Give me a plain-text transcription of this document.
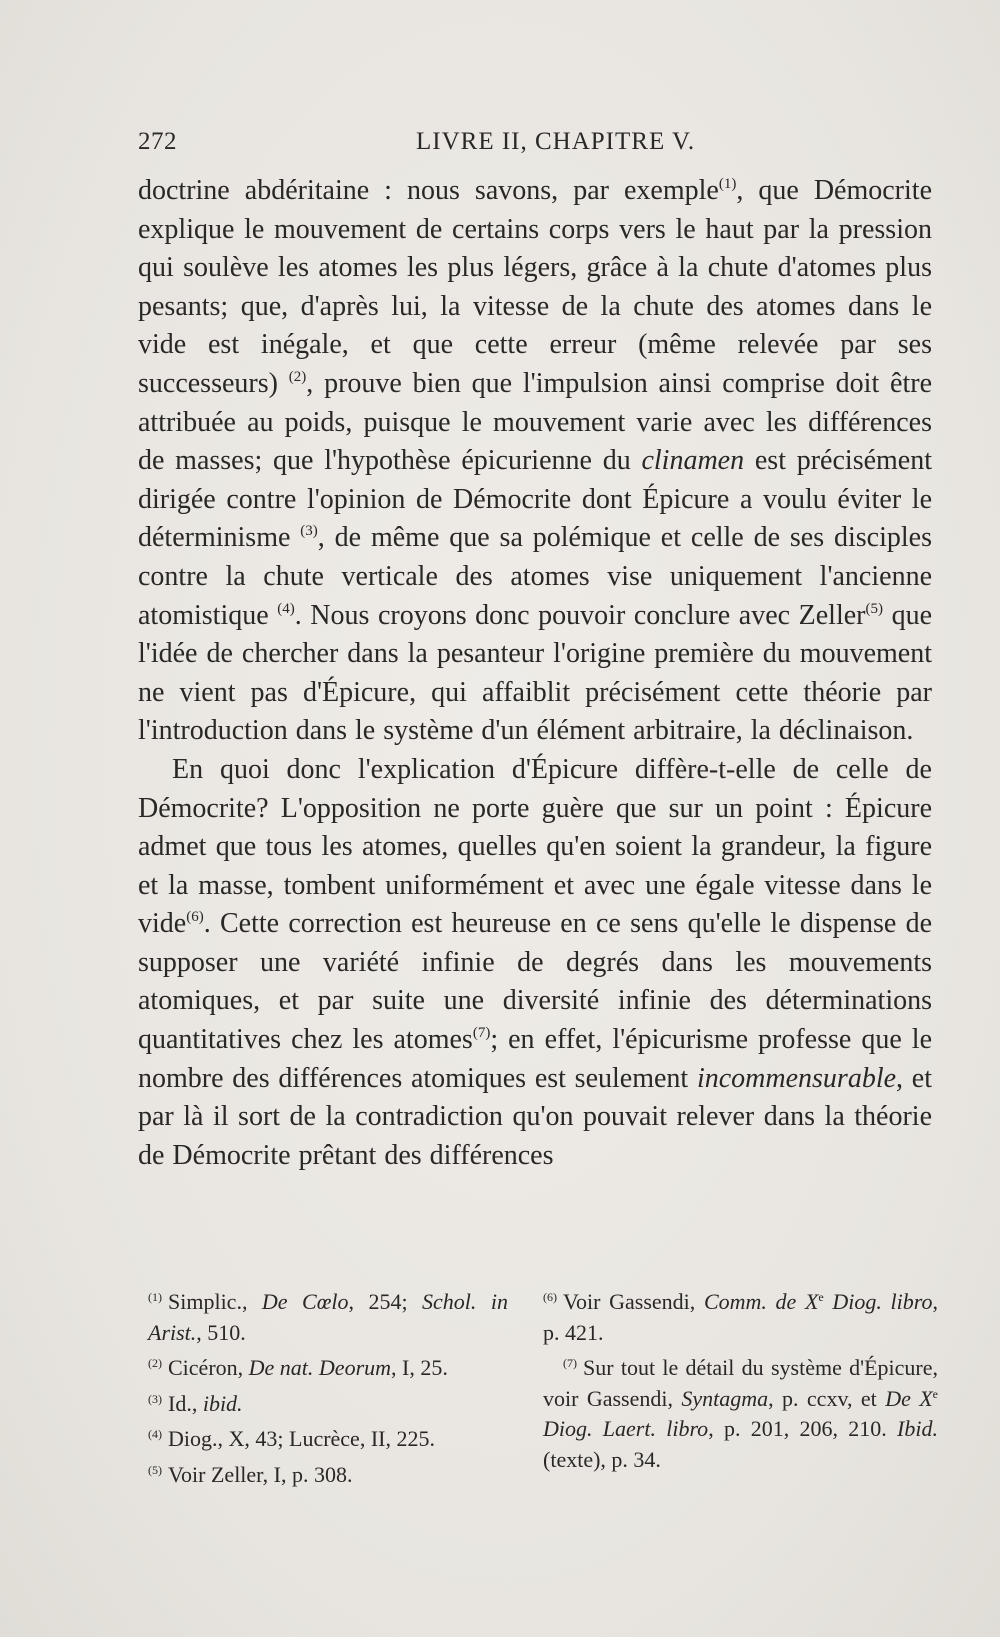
272	LIVRE II, CHAPITRE V.

doctrine abdéritaine : nous savons, par exemple$^{(1)}$, que Démocrite explique le mouvement de certains corps vers le haut par la pression qui soulève les atomes les plus légers, grâce à la chute d'atomes plus pesants; que, d'après lui, la vitesse de la chute des atomes dans le vide est inégale, et que cette erreur (même relevée par ses successeurs) $^{(2)}$, prouve bien que l'impulsion ainsi comprise doit être attribuée au poids, puisque le mouvement varie avec les différences de masses; que l'hypothèse épicurienne du clinamen est précisément dirigée contre l'opinion de Démocrite dont Épicure a voulu éviter le déterminisme $^{(3)}$, de même que sa polémique et celle de ses disciples contre la chute verticale des atomes vise uniquement l'ancienne atomistique $^{(4)}$. Nous croyons donc pouvoir conclure avec Zeller$^{(5)}$ que l'idée de chercher dans la pesanteur l'origine première du mouvement ne vient pas d'Épicure, qui affaiblit précisément cette théorie par l'introduction dans le système d'un élément arbitraire, la déclinaison.

En quoi donc l'explication d'Épicure diffère-t-elle de celle de Démocrite? L'opposition ne porte guère que sur un point : Épicure admet que tous les atomes, quelles qu'en soient la grandeur, la figure et la masse, tombent uniformément et avec une égale vitesse dans le vide$^{(6)}$. Cette correction est heureuse en ce sens qu'elle le dispense de supposer une variété infinie de degrés dans les mouvements atomiques, et par suite une diversité infinie des déterminations quantitatives chez les atomes$^{(7)}$; en effet, l'épicurisme professe que le nombre des différences atomiques est seulement incommensurable, et par là il sort de la contradiction qu'on pouvait relever dans la théorie de Démocrite prêtant des différences

$^{(1)}$ Simplic., De Cœlo, 254; Schol. in Arist., 510.

$^{(2)}$ Cicéron, De nat. Deorum, I, 25.

$^{(3)}$ Id., ibid.

$^{(4)}$ Diog., X, 43; Lucrèce, II, 225.

$^{(5)}$ Voir Zeller, I, p. 308.

$^{(6)}$ Voir Gassendi, Comm. de Xe Diog. libro, p. 421.

$^{(7)}$ Sur tout le détail du système d'Épicure, voir Gassendi, Syntagma, p. ccxv, et De Xe Diog. Laert. libro, p. 201, 206, 210. Ibid. (texte), p. 34.
